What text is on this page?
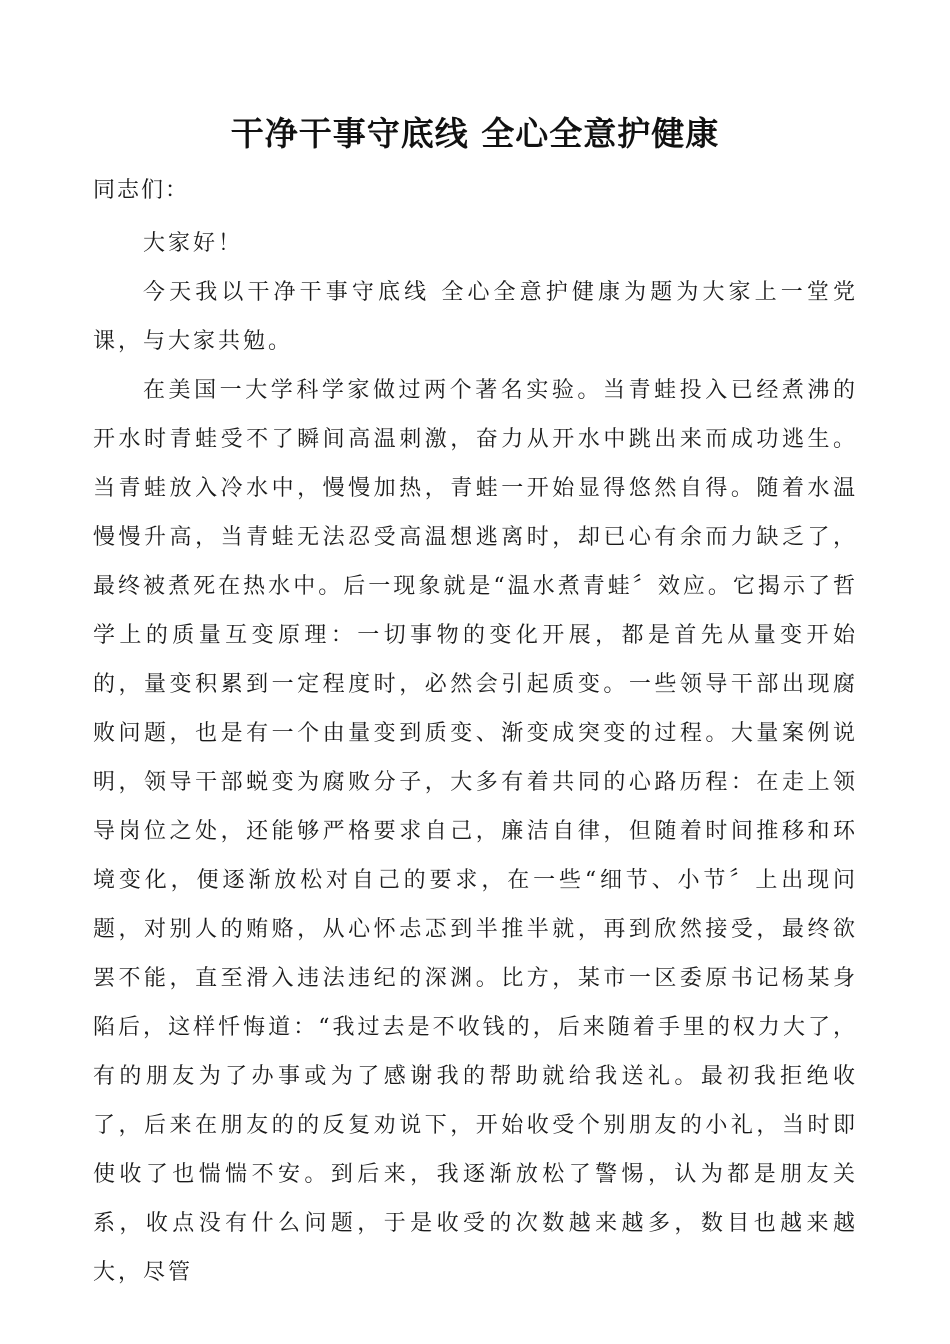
干净干事守底线 全心全意护健康

同志们：

大家好！

今天我以干净干事守底线 全心全意护健康为题为大家上一堂党课，与大家共勉。

在美国一大学科学家做过两个著名实验。当青蛙投入已经煮沸的开水时青蛙受不了瞬间高温刺激，奋力从开水中跳出来而成功逃生。当青蛙放入冷水中，慢慢加热，青蛙一开始显得悠然自得。随着水温慢慢升高，当青蛙无法忍受高温想逃离时，却已心有余而力缺乏了，最终被煮死在热水中。后一现象就是“温水煮青蛙〞效应。它揭示了哲学上的质量互变原理：一切事物的变化开展，都是首先从量变开始的，量变积累到一定程度时，必然会引起质变。一些领导干部出现腐败问题，也是有一个由量变到质变、渐变成突变的过程。大量案例说明，领导干部蜕变为腐败分子，大多有着共同的心路历程：在走上领导岗位之处，还能够严格要求自己，廉洁自律，但随着时间推移和环境变化，便逐渐放松对自己的要求，在一些“细节、小节〞上出现问题，对别人的贿赂，从心怀忐忑到半推半就，再到欣然接受，最终欲罢不能，直至滑入违法违纪的深渊。比方，某市一区委原书记杨某身陷后，这样忏悔道：“我过去是不收钱的，后来随着手里的权力大了，有的朋友为了办事或为了感谢我的帮助就给我送礼。最初我拒绝收了，后来在朋友的的反复劝说下，开始收受个别朋友的小礼，当时即使收了也惴惴不安。到后来，我逐渐放松了警惕，认为都是朋友关系，收点没有什么问题，于是收受的次数越来越多，数目也越来越大，尽管
